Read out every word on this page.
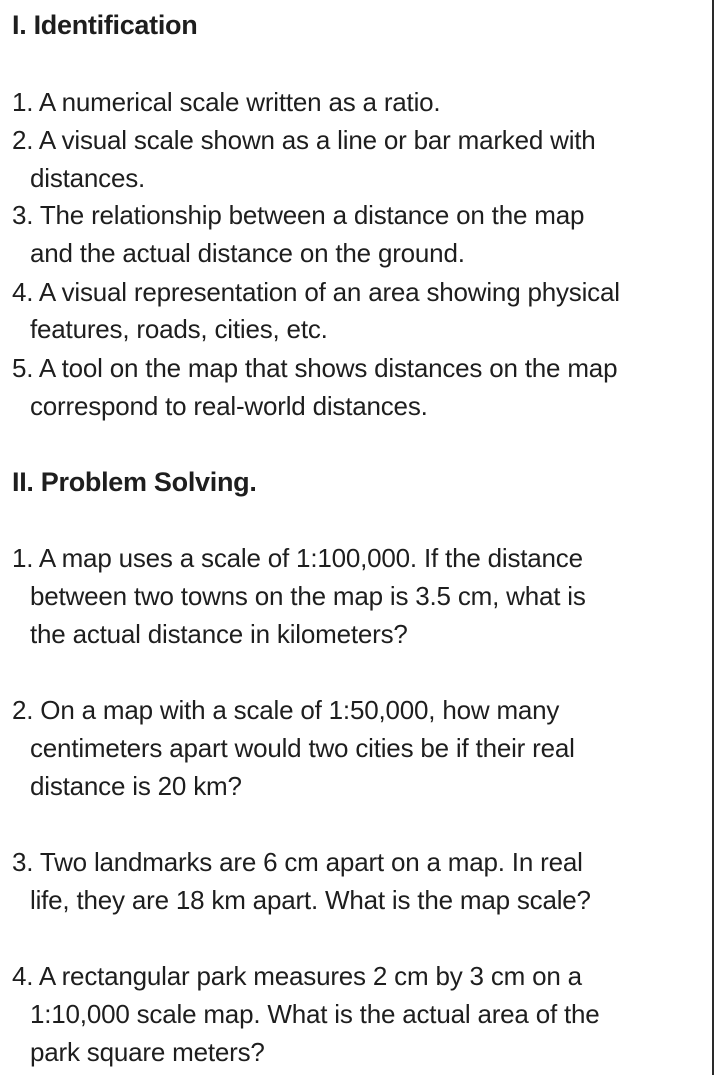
I. Identification
1. A numerical scale written as a ratio.
2. A visual scale shown as a line or bar marked with
distances.
3. The relationship between a distance on the map
and the actual distance on the ground.
4. A visual representation of an area showing physical
features, roads, cities, etc.
5. A tool on the map that shows distances on the map
correspond to real-world distances.
II. Problem Solving.
1. A map uses a scale of 1:100,000. If the distance
between two towns on the map is 3.5 cm, what is
the actual distance in kilometers?
2. On a map with a scale of 1:50,000, how many
centimeters apart would two cities be if their real
distance is 20 km?
3. Two landmarks are 6 cm apart on a map. In real
life, they are 18 km apart. What is the map scale?
4. A rectangular park measures 2 cm by 3 cm on a
1:10,000 scale map. What is the actual area of the
park square meters?
